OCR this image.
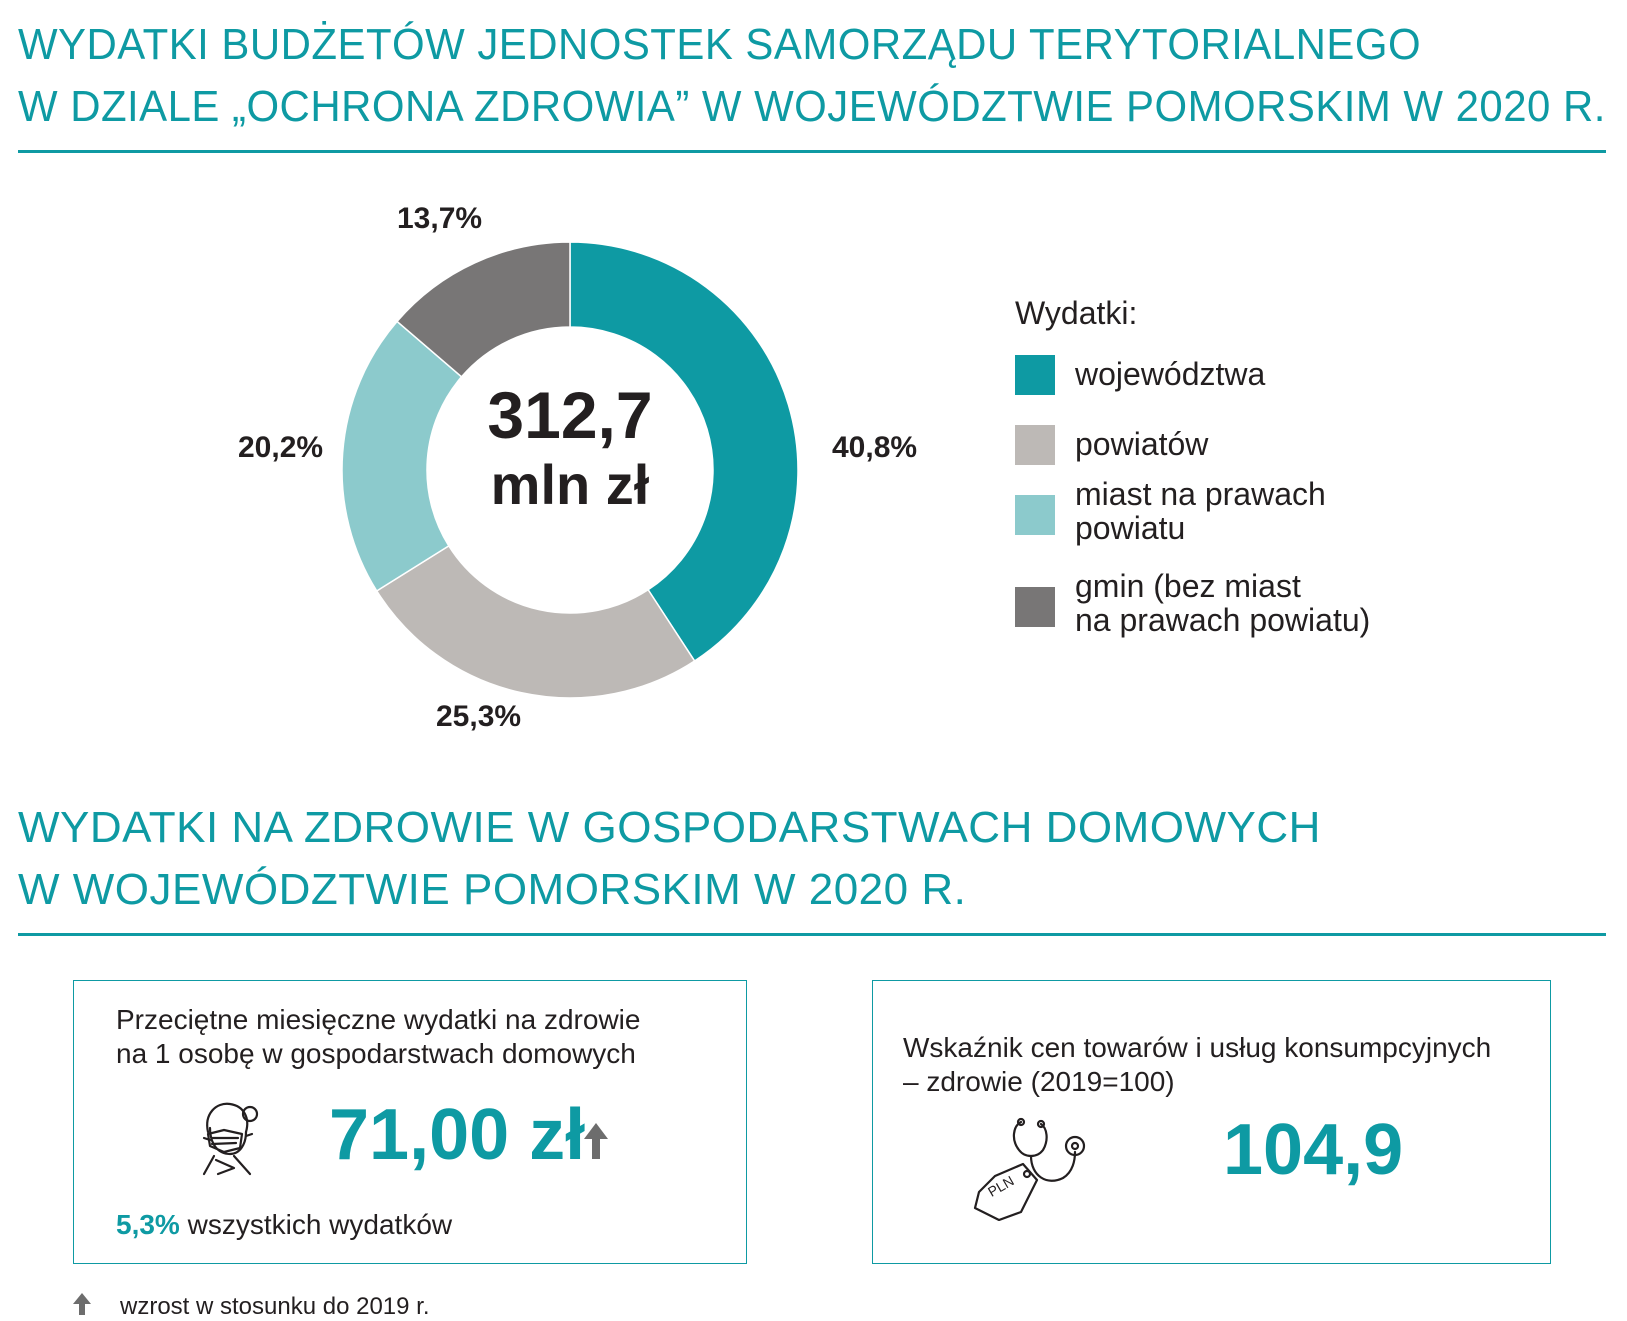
WYDATKI BUDŻETÓW JEDNOSTEK SAMORZĄDU TERYTORIALNEGO
W DZIALE „OCHRONA ZDROWIA” W WOJEWÓDZTWIE POMORSKIM W 2020 R.
13,7%
40,8%
20,2%
25,3%
312,7
mln zł
Wydatki:
województwa
powiatów
miast na prawach
powiatu
gmin (bez miast
na prawach powiatu)
WYDATKI NA ZDROWIE W GOSPODARSTWACH DOMOWYCH
W WOJEWÓDZTWIE POMORSKIM W 2020 R.
Przeciętne miesięczne wydatki na zdrowie
na 1 osobę w gospodarstwach domowych
71,00 zł
5,3% wszystkich wydatków
Wskaźnik cen towarów i usług konsumpcyjnych
– zdrowie (2019=100)
PLN	104,9
wzrost w stosunku do 2019 r.
